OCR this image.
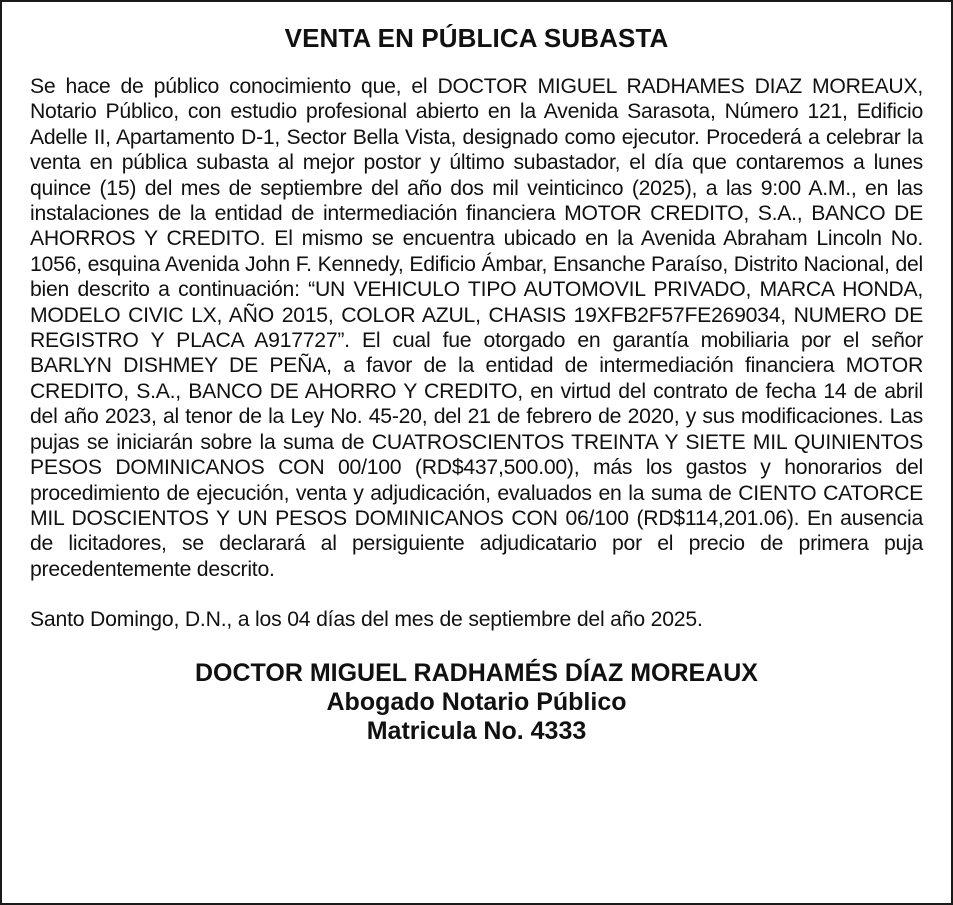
VENTA EN PÚBLICA SUBASTA

Se hace de público conocimiento que, el DOCTOR MIGUEL RADHAMES DIAZ MOREAUX, Notario Público, con estudio profesional abierto en la Avenida Sarasota, Número 121, Edificio Adelle II, Apartamento D-1, Sector Bella Vista, designado como ejecutor. Procederá a celebrar la venta en pública subasta al mejor postor y último subastador, el día que contaremos a lunes quince (15) del mes de septiembre del año dos mil veinticinco (2025), a las 9:00 A.M., en las instalaciones de la entidad de intermediación financiera MOTOR CREDITO, S.A., BANCO DE AHORROS Y CREDITO. El mismo se encuentra ubicado en la Avenida Abraham Lincoln No. 1056, esquina Avenida John F. Kennedy, Edificio Ámbar, Ensanche Paraíso, Distrito Nacional, del bien descrito a continuación: “UN VEHICULO TIPO AUTOMOVIL PRIVADO, MARCA HONDA, MODELO CIVIC LX, AÑO 2015, COLOR AZUL, CHASIS 19XFB2F57FE269034, NUMERO DE REGISTRO Y PLACA A917727”. El cual fue otorgado en garantía mobiliaria por el señor BARLYN DISHMEY DE PEÑA, a favor de la entidad de intermediación financiera MOTOR CREDITO, S.A., BANCO DE AHORRO Y CREDITO, en virtud del contrato de fecha 14 de abril del año 2023, al tenor de la Ley No. 45-20, del 21 de febrero de 2020, y sus modificaciones. Las pujas se iniciarán sobre la suma de CUATROSCIENTOS TREINTA Y SIETE MIL QUINIENTOS PESOS DOMINICANOS CON 00/100 (RD$437,500.00), más los gastos y honorarios del procedimiento de ejecución, venta y adjudicación, evaluados en la suma de CIENTO CATORCE MIL DOSCIENTOS Y UN PESOS DOMINICANOS CON 06/100 (RD$114,201.06). En ausencia de licitadores, se declarará al persiguiente adjudicatario por el precio de primera puja precedentemente descrito.

Santo Domingo, D.N., a los 04 días del mes de septiembre del año 2025.

DOCTOR MIGUEL RADHAMÉS DÍAZ MOREAUX
Abogado Notario Público
Matricula No. 4333
